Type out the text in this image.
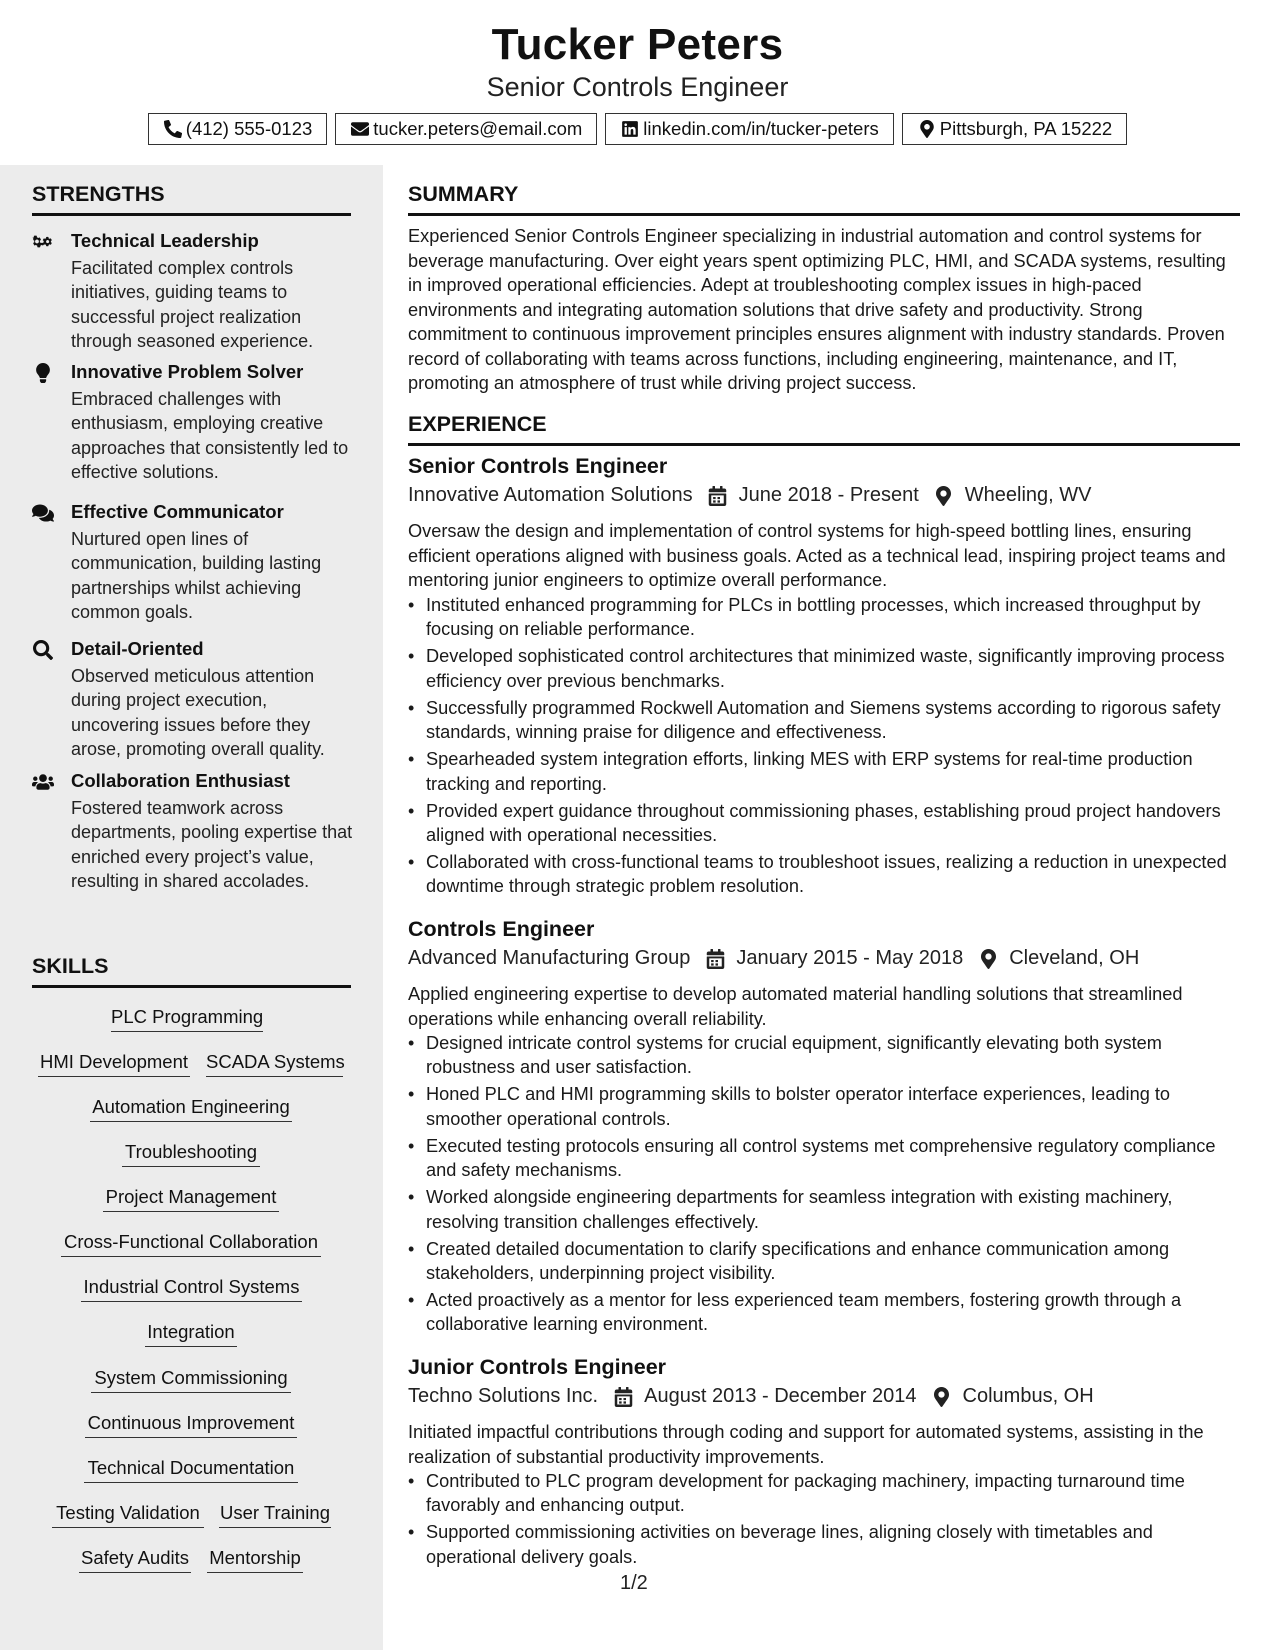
Tucker Peters
Senior Controls Engineer
(412) 555-0123	tucker.peters@email.com	linkedin.com/in/tucker-peters	Pittsburgh, PA 15222
STRENGTHS
Technical Leadership
Facilitated complex controls initiatives, guiding teams to successful project realization through seasoned experience.
Innovative Problem Solver
Embraced challenges with enthusiasm, employing creative approaches that consistently led to effective solutions.
Effective Communicator
Nurtured open lines of communication, building lasting partnerships whilst achieving common goals.
Detail-Oriented
Observed meticulous attention during project execution, uncovering issues before they arose, promoting overall quality.
Collaboration Enthusiast
Fostered teamwork across departments, pooling expertise that enriched every project’s value, resulting in shared accolades.
SKILLS
PLC Programming
HMI Development SCADA Systems
Automation Engineering
Troubleshooting
Project Management
Cross-Functional Collaboration
Industrial Control Systems
Integration
System Commissioning
Continuous Improvement
Technical Documentation
Testing Validation User Training
Safety Audits Mentorship
SUMMARY
Experienced Senior Controls Engineer specializing in industrial automation and control systems for beverage manufacturing. Over eight years spent optimizing PLC, HMI, and SCADA systems, resulting in improved operational efficiencies. Adept at troubleshooting complex issues in high-paced environments and integrating automation solutions that drive safety and productivity. Strong commitment to continuous improvement principles ensures alignment with industry standards. Proven record of collaborating with teams across functions, including engineering, maintenance, and IT, promoting an atmosphere of trust while driving project success.
EXPERIENCE
Senior Controls Engineer
Innovative Automation Solutions June 2018 - Present Wheeling, WV
Oversaw the design and implementation of control systems for high-speed bottling lines, ensuring efficient operations aligned with business goals. Acted as a technical lead, inspiring project teams and mentoring junior engineers to optimize overall performance.
• Instituted enhanced programming for PLCs in bottling processes, which increased throughput by focusing on reliable performance.
• Developed sophisticated control architectures that minimized waste, significantly improving process efficiency over previous benchmarks.
• Successfully programmed Rockwell Automation and Siemens systems according to rigorous safety standards, winning praise for diligence and effectiveness.
• Spearheaded system integration efforts, linking MES with ERP systems for real-time production tracking and reporting.
• Provided expert guidance throughout commissioning phases, establishing proud project handovers aligned with operational necessities.
• Collaborated with cross-functional teams to troubleshoot issues, realizing a reduction in unexpected downtime through strategic problem resolution.
Controls Engineer
Advanced Manufacturing Group January 2015 - May 2018 Cleveland, OH
Applied engineering expertise to develop automated material handling solutions that streamlined operations while enhancing overall reliability.
• Designed intricate control systems for crucial equipment, significantly elevating both system robustness and user satisfaction.
• Honed PLC and HMI programming skills to bolster operator interface experiences, leading to smoother operational controls.
• Executed testing protocols ensuring all control systems met comprehensive regulatory compliance and safety mechanisms.
• Worked alongside engineering departments for seamless integration with existing machinery, resolving transition challenges effectively.
• Created detailed documentation to clarify specifications and enhance communication among stakeholders, underpinning project visibility.
• Acted proactively as a mentor for less experienced team members, fostering growth through a collaborative learning environment.
Junior Controls Engineer
Techno Solutions Inc. August 2013 - December 2014 Columbus, OH
Initiated impactful contributions through coding and support for automated systems, assisting in the realization of substantial productivity improvements.
• Contributed to PLC program development for packaging machinery, impacting turnaround time favorably and enhancing output.
• Supported commissioning activities on beverage lines, aligning closely with timetables and operational delivery goals.
1/2
